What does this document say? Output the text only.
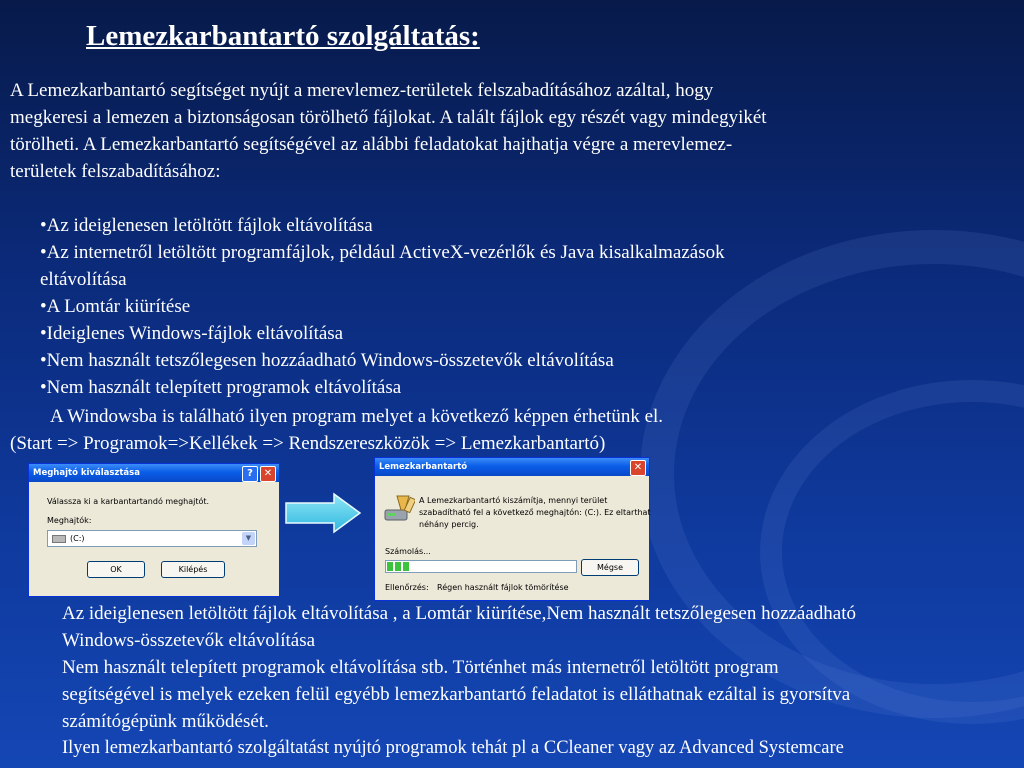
Lemezkarbantartó szolgáltatás:
A Lemezkarbantartó segítséget nyújt a merevlemez-területek felszabadításához azáltal, hogy
megkeresi a lemezen a biztonságosan törölhető fájlokat. A talált fájlok egy részét vagy mindegyikét
törölheti. A Lemezkarbantartó segítségével az alábbi feladatokat hajthatja végre a merevlemez-
területek felszabadításához:
•Az ideiglenesen letöltött fájlok eltávolítása
•Az internetről letöltött programfájlok, például ActiveX-vezérlők és Java kisalkalmazások
eltávolítása
•A Lomtár kiürítése
•Ideiglenes Windows-fájlok eltávolítása
•Nem használt tetszőlegesen hozzáadható Windows-összetevők eltávolítása
•Nem használt telepített programok eltávolítása
A Windowsba is található ilyen program melyet a következő képpen érhetünk el.
(Start => Programok=>Kellékek => Rendszereszközök => Lemezkarbantartó)
Meghajtó kiválasztása	?	✕
Válassza ki a karbantartandó meghajtót.
Meghajtók:
(C:)	▼
OK	Kilépés
Lemezkarbantartó	✕
A Lemezkarbantartó kiszámítja, mennyi terület
szabadítható fel a következő meghajtón: (C:). Ez eltarthat
néhány percig.
Számolás...
Mégse
Ellenőrzés: Régen használt fájlok tömörítése
Az ideiglenesen letöltött fájlok eltávolítása , a Lomtár kiürítése,Nem használt tetszőlegesen hozzáadható
Windows-összetevők eltávolítása
Nem használt telepített programok eltávolítása stb. Történhet más internetről letöltött program
segítségével is melyek ezeken felül egyébb lemezkarbantartó feladatot is elláthatnak ezáltal is gyorsítva
számítógépünk működését.
Ilyen lemezkarbantartó szolgáltatást nyújtó programok tehát pl a CCleaner vagy az Advanced Systemcare
